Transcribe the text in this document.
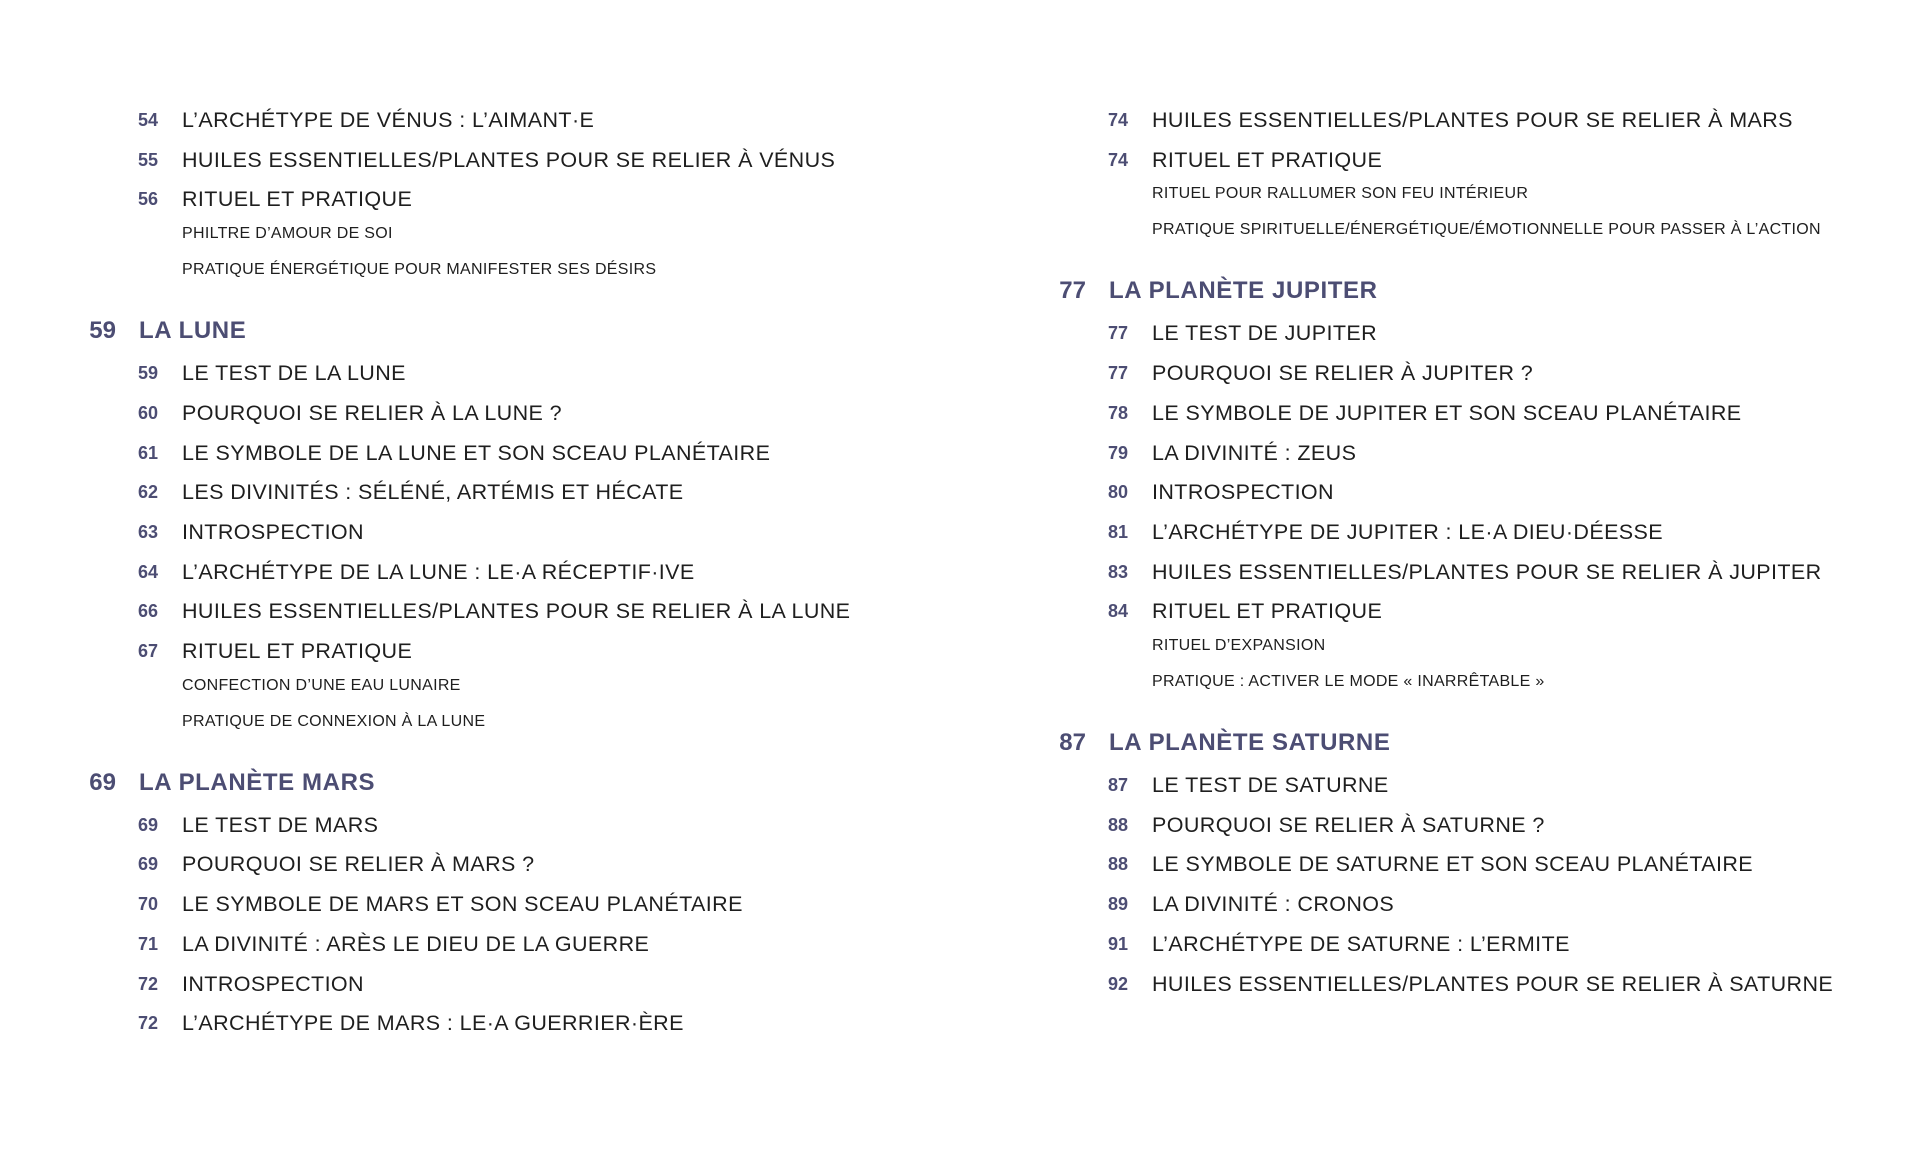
54 L’ARCHÉTYPE DE VÉNUS : L’AIMANT·E
55 HUILES ESSENTIELLES/PLANTES POUR SE RELIER À VÉNUS
56 RITUEL ET PRATIQUE
PHILTRE D’AMOUR DE SOI
PRATIQUE ÉNERGÉTIQUE POUR MANIFESTER SES DÉSIRS
59 LA LUNE
59 LE TEST DE LA LUNE
60 POURQUOI SE RELIER À LA LUNE ?
61 LE SYMBOLE DE LA LUNE ET SON SCEAU PLANÉTAIRE
62 LES DIVINITÉS : SÉLÉNÉ, ARTÉMIS ET HÉCATE
63 INTROSPECTION
64 L’ARCHÉTYPE DE LA LUNE : LE·A RÉCEPTIF·IVE
66 HUILES ESSENTIELLES/PLANTES POUR SE RELIER À LA LUNE
67 RITUEL ET PRATIQUE
CONFECTION D’UNE EAU LUNAIRE
PRATIQUE DE CONNEXION À LA LUNE
69 LA PLANÈTE MARS
69 LE TEST DE MARS
69 POURQUOI SE RELIER À MARS ?
70 LE SYMBOLE DE MARS ET SON SCEAU PLANÉTAIRE
71 LA DIVINITÉ : ARÈS LE DIEU DE LA GUERRE
72 INTROSPECTION
72 L’ARCHÉTYPE DE MARS : LE·A GUERRIER·ÈRE
74 HUILES ESSENTIELLES/PLANTES POUR SE RELIER À MARS
74 RITUEL ET PRATIQUE
RITUEL POUR RALLUMER SON FEU INTÉRIEUR
PRATIQUE SPIRITUELLE/ÉNERGÉTIQUE/ÉMOTIONNELLE POUR PASSER À L’ACTION
77 LA PLANÈTE JUPITER
77 LE TEST DE JUPITER
77 POURQUOI SE RELIER À JUPITER ?
78 LE SYMBOLE DE JUPITER ET SON SCEAU PLANÉTAIRE
79 LA DIVINITÉ : ZEUS
80 INTROSPECTION
81 L’ARCHÉTYPE DE JUPITER : LE·A DIEU·DÉESSE
83 HUILES ESSENTIELLES/PLANTES POUR SE RELIER À JUPITER
84 RITUEL ET PRATIQUE
RITUEL D’EXPANSION
PRATIQUE : ACTIVER LE MODE « INARRÊTABLE »
87 LA PLANÈTE SATURNE
87 LE TEST DE SATURNE
88 POURQUOI SE RELIER À SATURNE ?
88 LE SYMBOLE DE SATURNE ET SON SCEAU PLANÉTAIRE
89 LA DIVINITÉ : CRONOS
91 L’ARCHÉTYPE DE SATURNE : L’ERMITE
92 HUILES ESSENTIELLES/PLANTES POUR SE RELIER À SATURNE
